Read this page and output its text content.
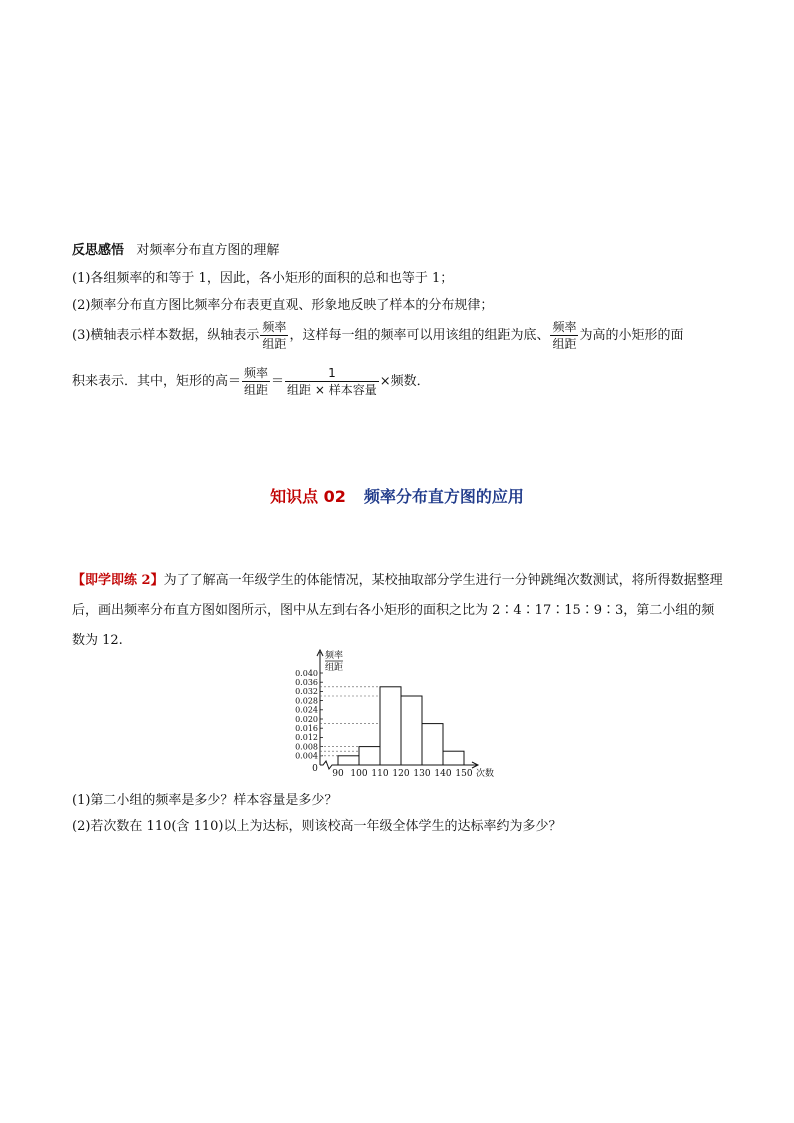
反思感悟 对频率分布直方图的理解
(1)各组频率的和等于 1，因此，各小矩形的面积的总和也等于 1；
(2)频率分布直方图比频率分布表更直观、形象地反映了样本的分布规律；
(3)横轴表示样本数据，纵轴表示 $\frac{\text{频率}}{\text{组距}}$ ，这样每一组的频率可以用该组的组距为底、 $\frac{\text{频率}}{\text{组距}}$ 为高的小矩形的面
积来表示．其中，矩形的高＝ $\frac{\text{频率}}{\text{组距}} = \frac{1}{\text{组距 × 样本容量}}$ ×频数．
知识点 02 频率分布直方图的应用
【即学即练 2】为了了解高一年级学生的体能情况，某校抽取部分学生进行一分钟跳绳次数测试，将所得数据整理后，画出频率分布直方图如图所示，图中从左到右各小矩形的面积之比为 2∶4∶17∶15∶9∶3，第二小组的频数为 12.
0.004
0.008
0.012
0.016
0.020
0.024
0.028
0.032
0.036
0.040
90 100 110 120 130 140 150
0	次数
频率
组距
(1)第二小组的频率是多少？样本容量是多少？
(2)若次数在 110(含 110)以上为达标，则该校高一年级全体学生的达标率约为多少？
